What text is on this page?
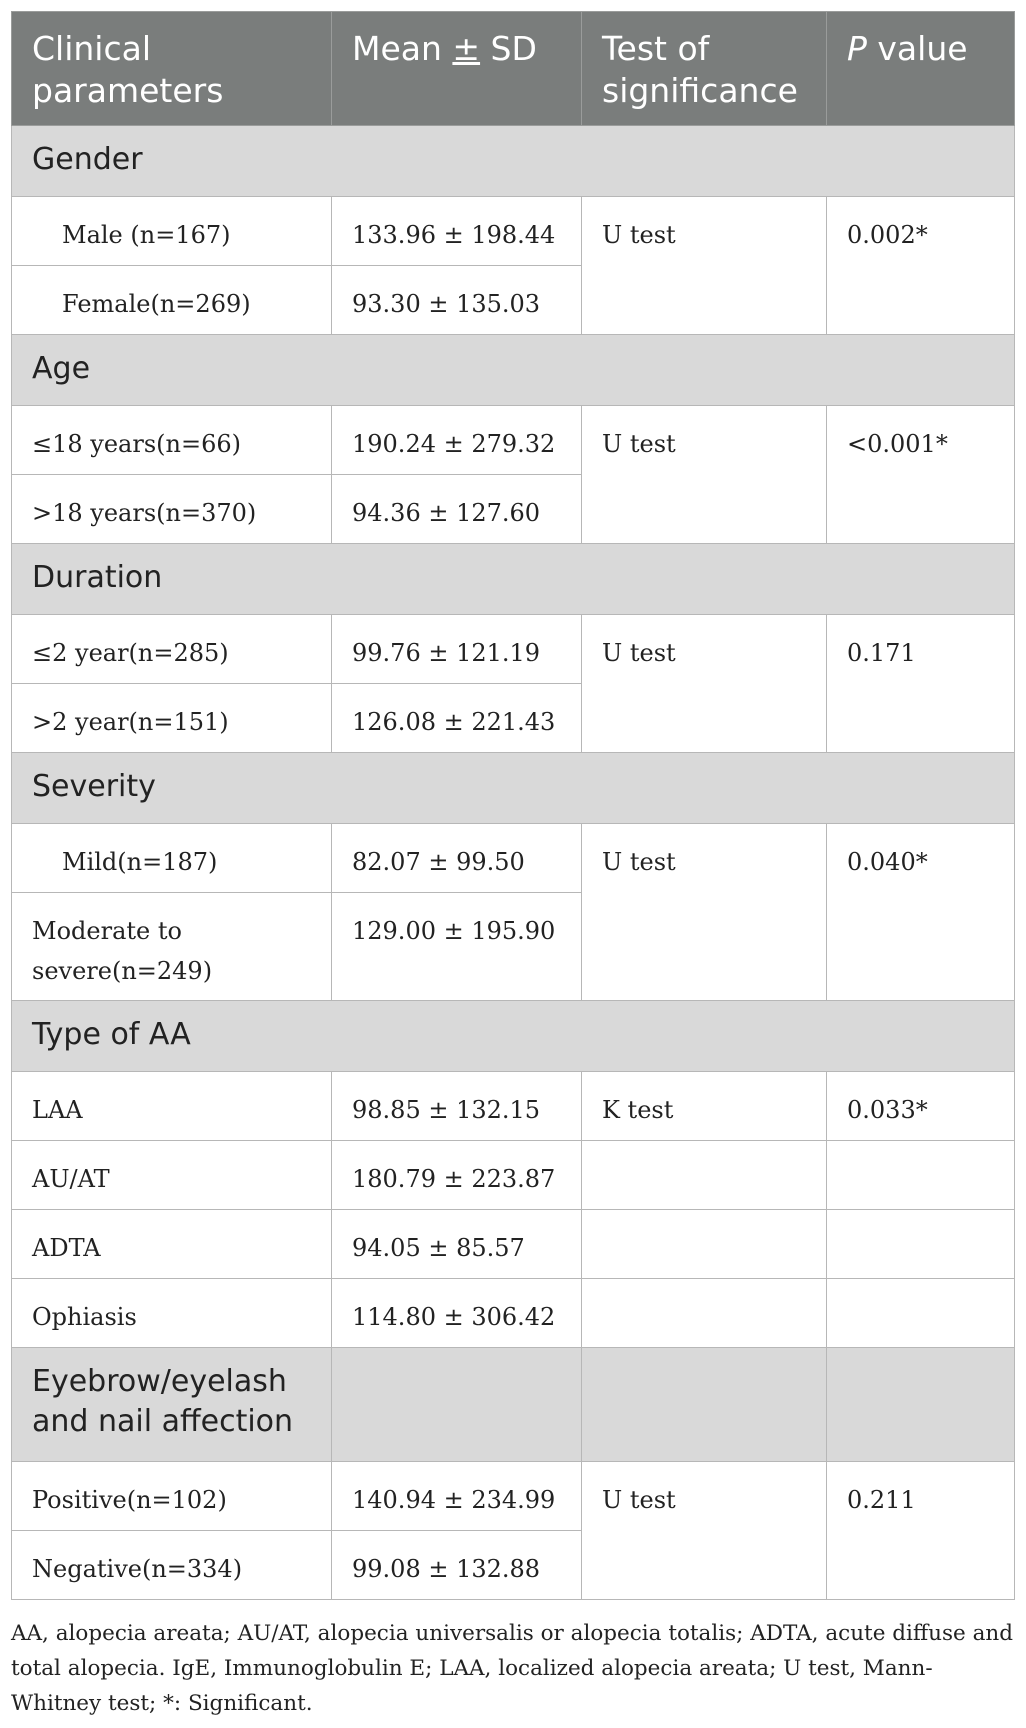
Clinical parameters	Mean ± SD	Test of significance	P value
Gender			
Male (n=167)	133.96 ± 198.44	U test	0.002*
Female(n=269)	93.30 ± 135.03		
Age			
≤18 years(n=66)	190.24 ± 279.32	U test	<0.001*
>18 years(n=370)	94.36 ± 127.60		
Duration			
≤2 year(n=285)	99.76 ± 121.19	U test	0.171
>2 year(n=151)	126.08 ± 221.43		
Severity			
Mild(n=187)	82.07 ± 99.50	U test	0.040*
Moderate to severe(n=249)	129.00 ± 195.90		
Type of AA			
LAA	98.85 ± 132.15	K test	0.033*
AU/AT	180.79 ± 223.87		
ADTA	94.05 ± 85.57		
Ophiasis	114.80 ± 306.42		
Eyebrow/eyelash and nail affection			
Positive(n=102)	140.94 ± 234.99	U test	0.211
Negative(n=334)	99.08 ± 132.88		
AA, alopecia areata; AU/AT, alopecia universalis or alopecia totalis; ADTA, acute diffuse and total alopecia. IgE, Immunoglobulin E; LAA, localized alopecia areata; U test, Mann-Whitney test; *: Significant.
